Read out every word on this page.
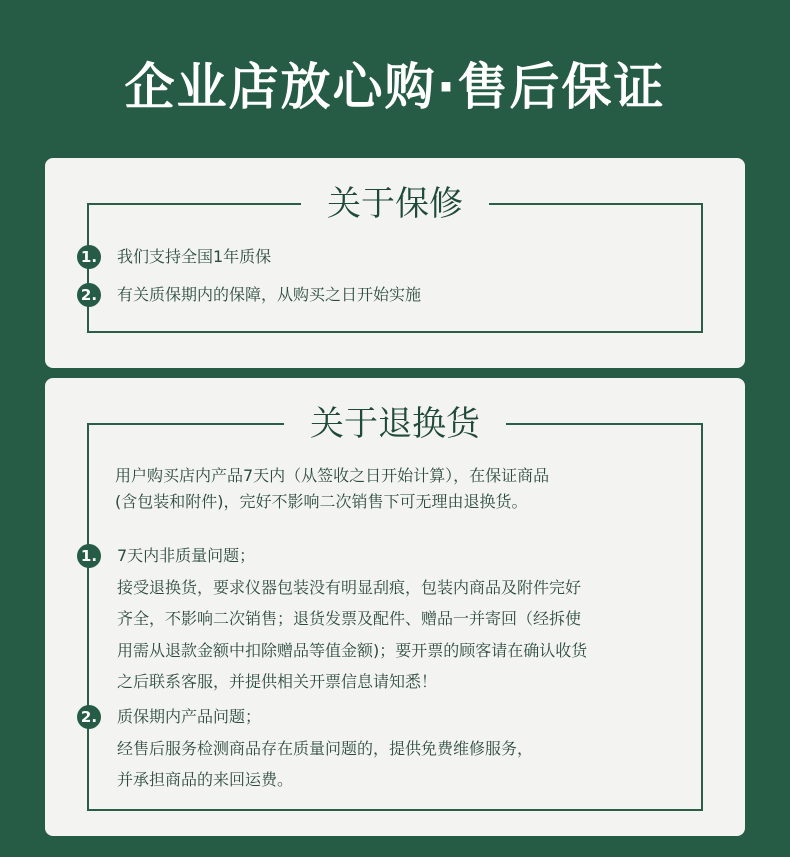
企业店放心购·售后保证
关于保修
1. 我们支持全国1年质保
2. 有关质保期内的保障，从购买之日开始实施
关于退换货
用户购买店内产品7天内（从签收之日开始计算），在保证商品
(含包装和附件)，完好不影响二次销售下可无理由退换货。
1. 7天内非质量问题；
接受退换货，要求仪器包装没有明显刮痕，包装内商品及附件完好
齐全，不影响二次销售；退货发票及配件、赠品一并寄回（经拆使
用需从退款金额中扣除赠品等值金额)；要开票的顾客请在确认收货
之后联系客服，并提供相关开票信息请知悉！
2. 质保期内产品问题；
经售后服务检测商品存在质量问题的，提供免费维修服务，
并承担商品的来回运费。
